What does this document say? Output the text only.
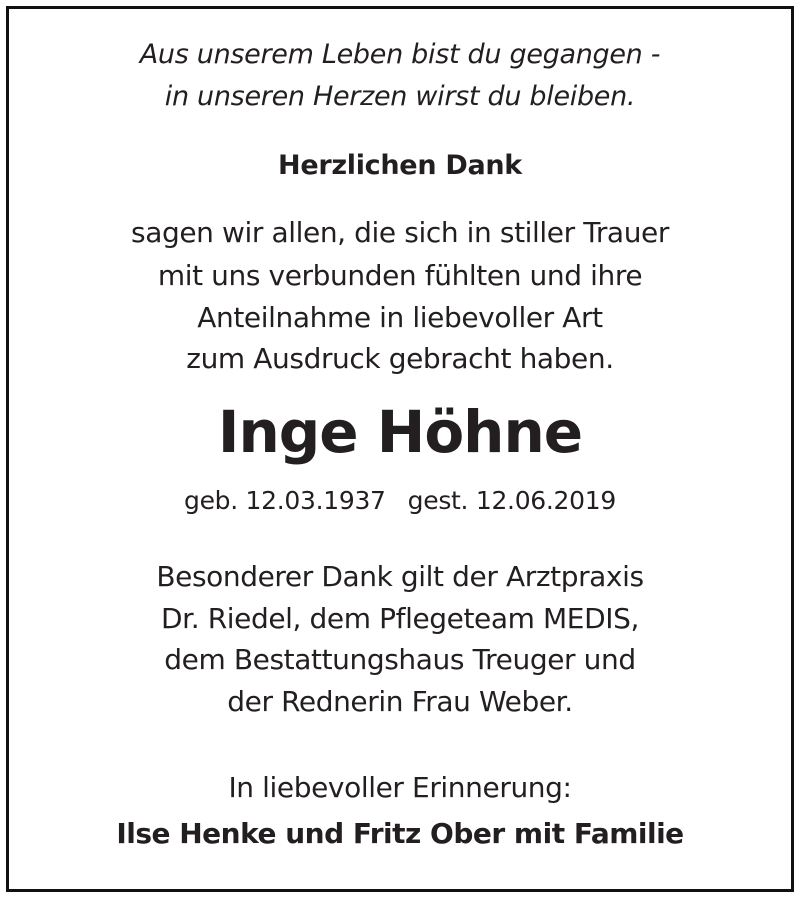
Aus unserem Leben bist du gegangen -
in unseren Herzen wirst du bleiben.
Herzlichen Dank
sagen wir allen, die sich in stiller Trauer
mit uns verbunden fühlten und ihre
Anteilnahme in liebevoller Art
zum Ausdruck gebracht haben.
Inge Höhne
geb. 12.03.1937 gest. 12.06.2019
Besonderer Dank gilt der Arztpraxis
Dr. Riedel, dem Pflegeteam MEDIS,
dem Bestattungshaus Treuger und
der Rednerin Frau Weber.
In liebevoller Erinnerung:
Ilse Henke und Fritz Ober mit Familie
